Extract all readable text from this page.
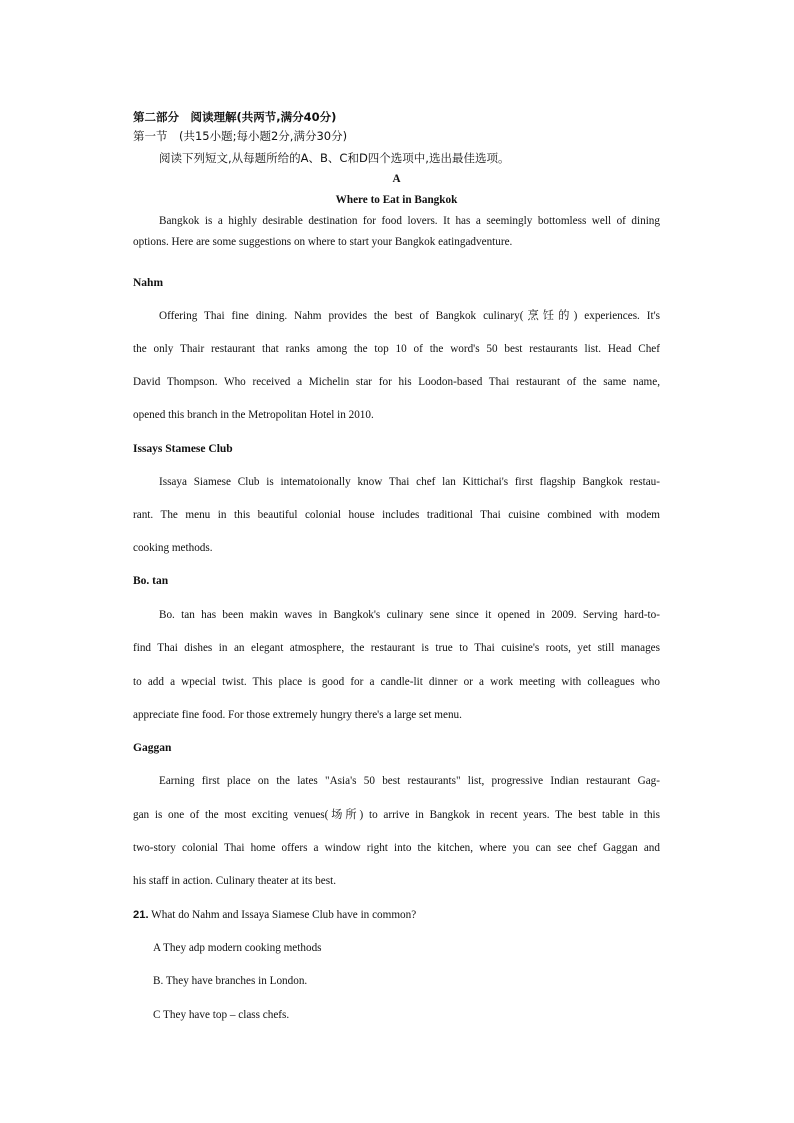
第二部分　阅读理解(共两节,满分40分)
第一节　(共15小题;每小题2分,满分30分)
阅读下列短文,从每题所给的A、B、C和D四个选项中,选出最佳选项。
A
Where to Eat in Bangkok
Bangkok is a highly desirable destination for food lovers. It has a seemingly bottomless well of dining
options. Here are some suggestions on where to start your Bangkok eatingadventure.
Nahm
Offering Thai fine dining. Nahm provides the best of Bangkok culinary(烹饪的) experiences. It's
the only Thair restaurant that ranks among the top 10 of the word's 50 best restaurants list. Head Chef
David Thompson. Who received a Michelin star for his Loodon-based Thai restaurant of the same name,
opened this branch in the Metropolitan Hotel in 2010.
Issays Stamese Club
Issaya Siamese Club is intematoionally know Thai chef lan Kittichai's first flagship Bangkok restau-
rant. The menu in this beautiful colonial house includes traditional Thai cuisine combined with modem
cooking methods.
Bo. tan
Bo. tan has been makin waves in Bangkok's culinary sene since it opened in 2009. Serving hard-to-
find Thai dishes in an elegant atmosphere, the restaurant is true to Thai cuisine's roots, yet still manages
to add a wpecial twist. This place is good for a candle-lit dinner or a work meeting with colleagues who
appreciate fine food. For those extremely hungry there's a large set menu.
Gaggan
Earning first place on the lates "Asia's 50 best restaurants" list, progressive Indian restaurant Gag-
gan is one of the most exciting venues(场所) to arrive in Bangkok in recent years. The best table in this
two-story colonial Thai home offers a window right into the kitchen, where you can see chef Gaggan and
his staff in action. Culinary theater at its best.
21. What do Nahm and Issaya Siamese Club have in common?
A They adp modern cooking methods
B. They have branches in London.
C They have top – class chefs.
